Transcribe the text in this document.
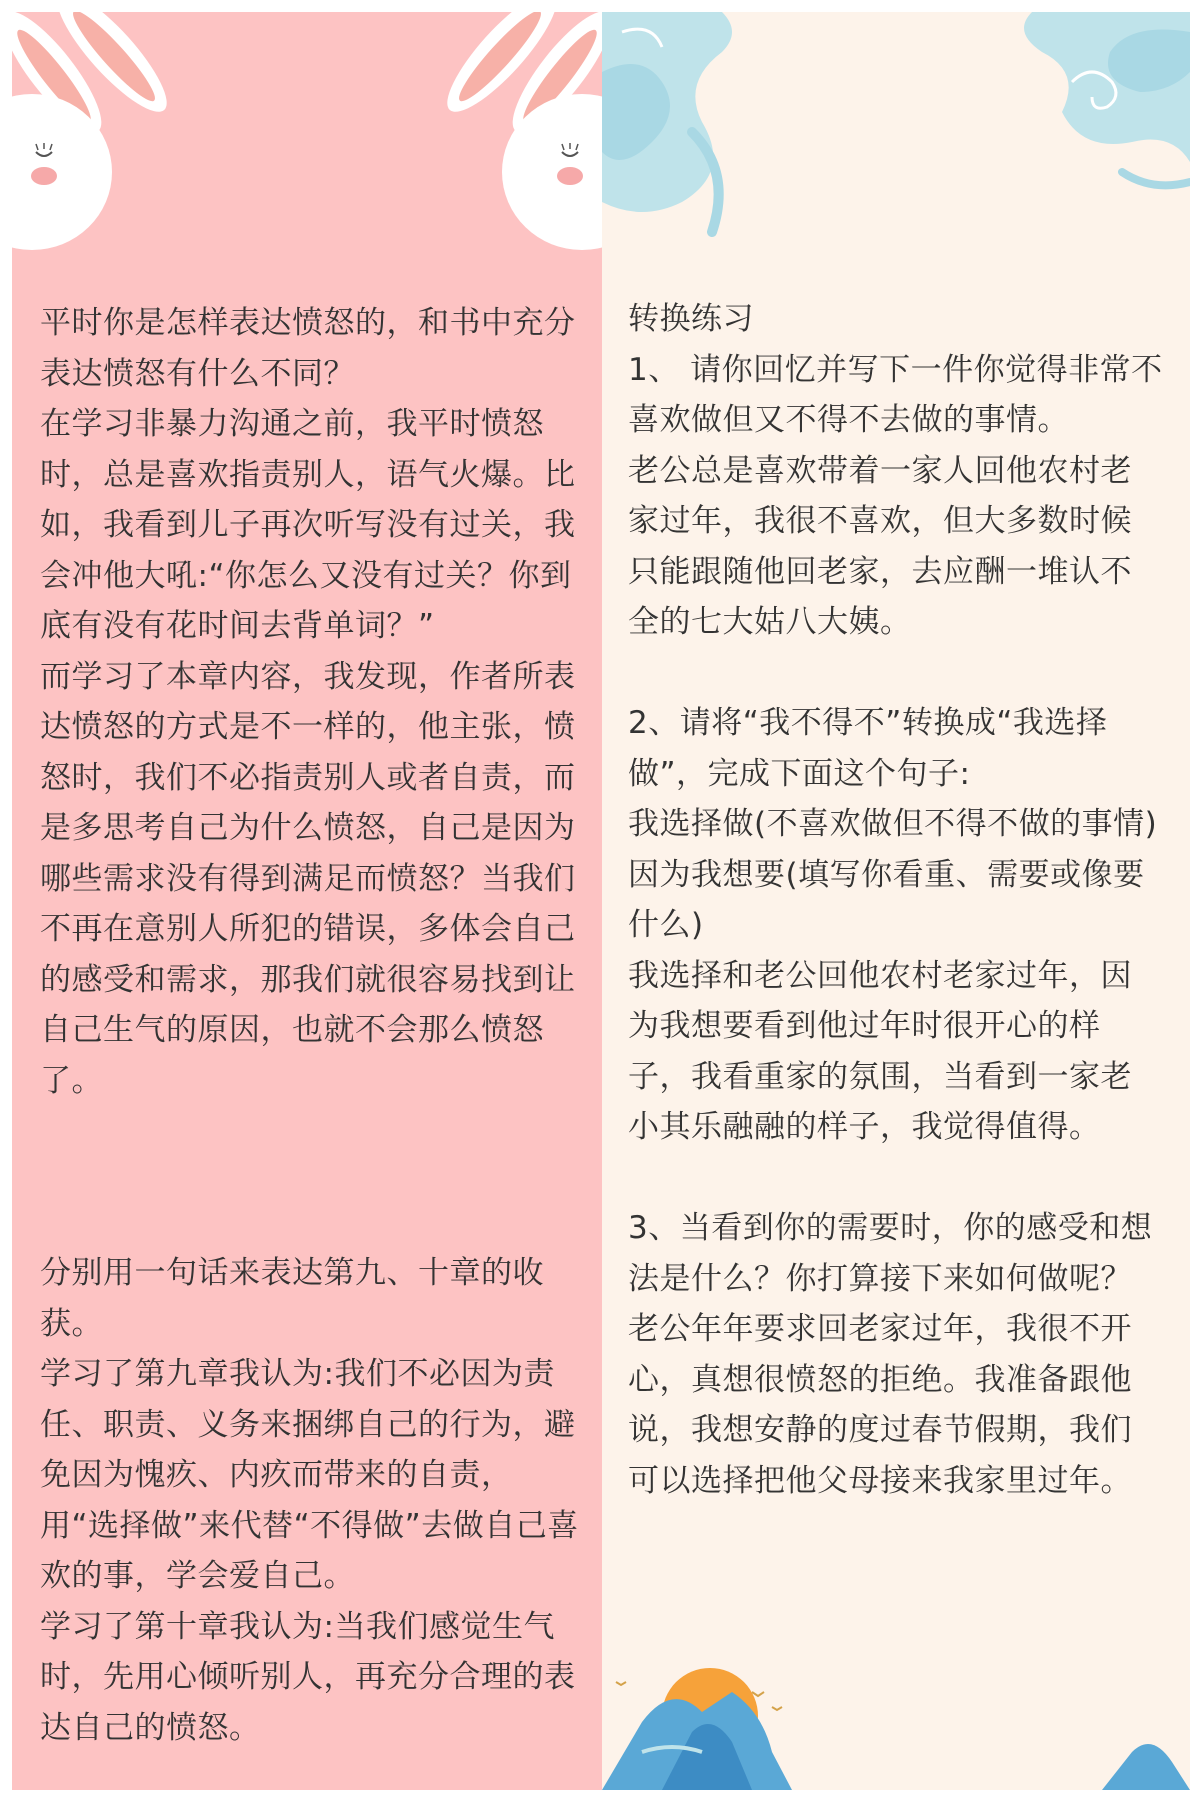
平时你是怎样表达愤怒的，和书中充分表达愤怒有什么不同？
在学习非暴力沟通之前，我平时愤怒时，总是喜欢指责别人，语气火爆。比如，我看到儿子再次听写没有过关，我会冲他大吼:“你怎么又没有过关？你到底有没有花时间去背单词？”
而学习了本章内容，我发现，作者所表达愤怒的方式是不一样的，他主张，愤怒时，我们不必指责别人或者自责，而是多思考自己为什么愤怒，自己是因为哪些需求没有得到满足而愤怒？当我们不再在意别人所犯的错误，多体会自己的感受和需求，那我们就很容易找到让自己生气的原因，也就不会那么愤怒了。
分别用一句话来表达第九、十章的收获。
学习了第九章我认为:我们不必因为责任、职责、义务来捆绑自己的行为，避免因为愧疚、内疚而带来的自责，用“选择做”来代替“不得做”去做自己喜欢的事，学会爱自己。
学习了第十章我认为:当我们感觉生气时，先用心倾听别人，再充分合理的表达自己的愤怒。
转换练习
1、 请你回忆并写下一件你觉得非常不喜欢做但又不得不去做的事情。
老公总是喜欢带着一家人回他农村老家过年，我很不喜欢，但大多数时候只能跟随他回老家，去应酬一堆认不全的七大姑八大姨。
2、请将“我不得不”转换成“我选择做”，完成下面这个句子:
我选择做(不喜欢做但不得不做的事情)因为我想要(填写你看重、需要或像要什么)
我选择和老公回他农村老家过年，因为我想要看到他过年时很开心的样子，我看重家的氛围，当看到一家老小其乐融融的样子，我觉得值得。
3、当看到你的需要时，你的感受和想法是什么？你打算接下来如何做呢？
老公年年要求回老家过年，我很不开心，真想很愤怒的拒绝。我准备跟他说，我想安静的度过春节假期，我们可以选择把他父母接来我家里过年。
